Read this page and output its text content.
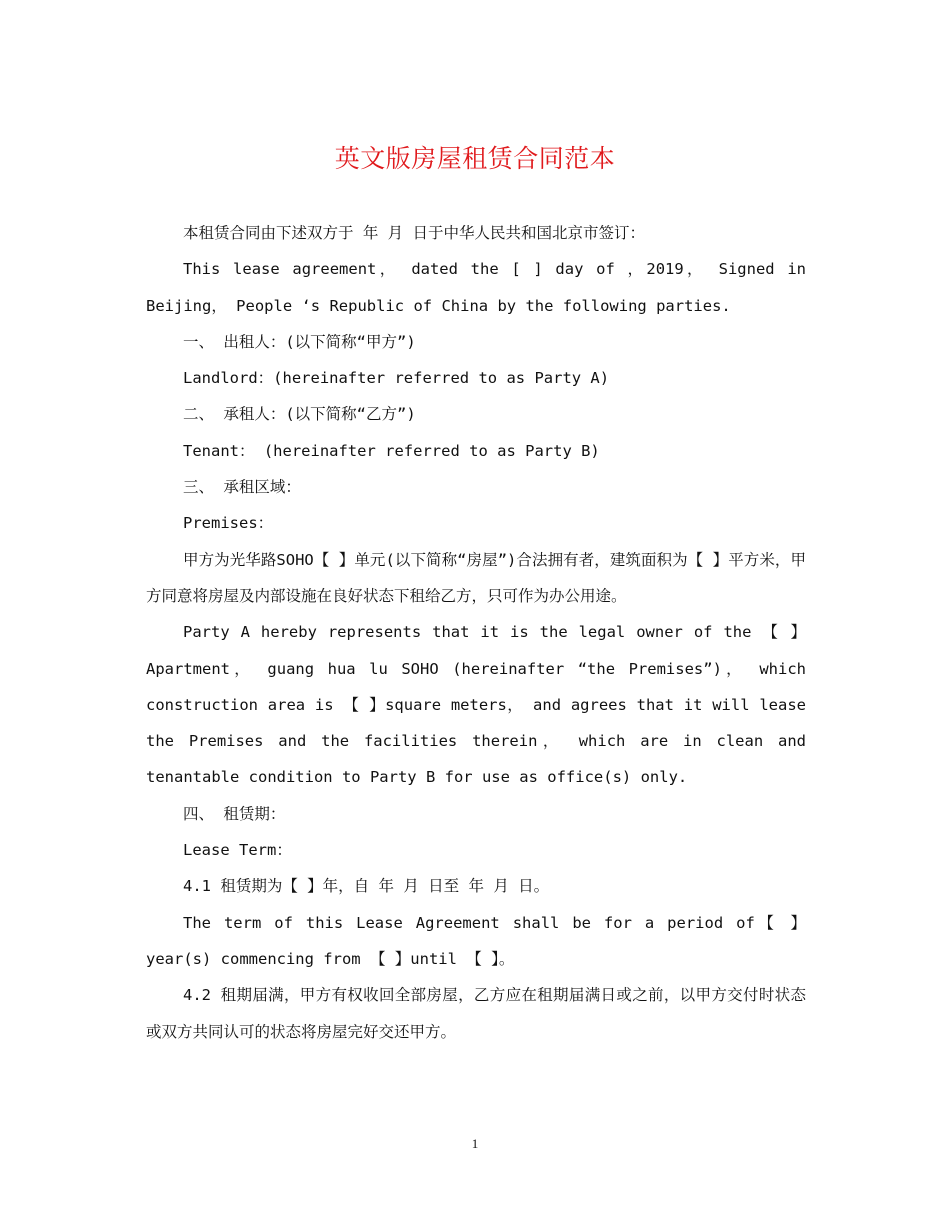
英文版房屋租赁合同范本

本租赁合同由下述双方于 年 月 日于中华人民共和国北京市签订：

This lease agreement， dated the [ ] day of ，2019， Signed in Beijing， People ‘s Republic of China by the following parties.

一、 出租人：(以下简称“甲方”)

Landlord：(hereinafter referred to as Party A)

二、 承租人：(以下简称“乙方”)

Tenant： (hereinafter referred to as Party B)

三、 承租区域：

Premises：

甲方为光华路SOHO【 】单元(以下简称“房屋”)合法拥有者，建筑面积为【 】平方米，甲方同意将房屋及内部设施在良好状态下租给乙方，只可作为办公用途。

Party A hereby represents that it is the legal owner of the 【 】Apartment， guang hua lu SOHO (hereinafter “the Premises”)， which construction area is 【 】square meters， and agrees that it will lease the Premises and the facilities therein， which are in clean and tenantable condition to Party B for use as office(s) only.

四、 租赁期：

Lease Term：

4.1 租赁期为【 】年，自 年 月 日至 年 月 日。

The term of this Lease Agreement shall be for a period of【 】year(s) commencing from 【 】until 【 】。

4.2 租期届满，甲方有权收回全部房屋，乙方应在租期届满日或之前，以甲方交付时状态或双方共同认可的状态将房屋完好交还甲方。

1
